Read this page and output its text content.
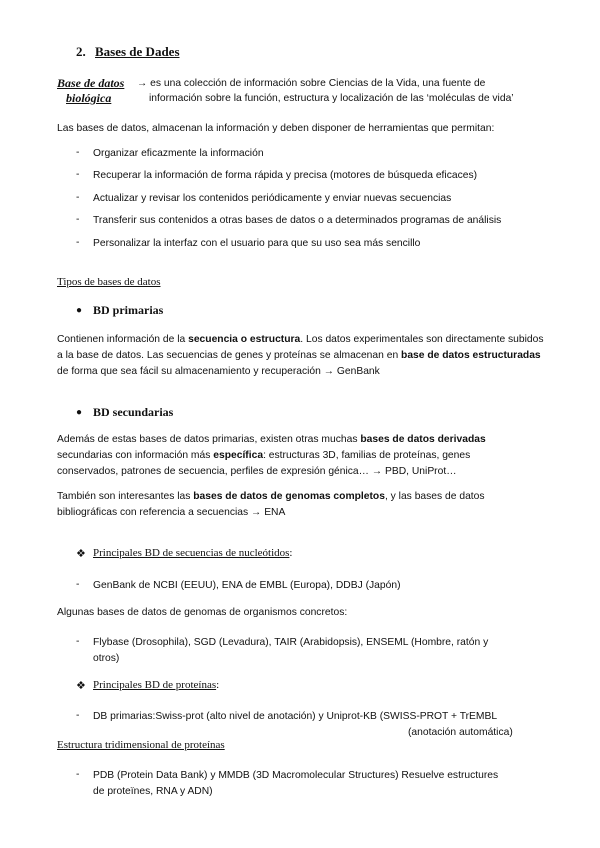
2. Bases de Dades
Base de datos → es una colección de información sobre Ciencias de la Vida, una fuente de
biológica	información sobre la función, estructura y localización de las ‘moléculas de vida’
Las bases de datos, almacenan la información y deben disponer de herramientas que permitan:
- Organizar eficazmente la información
- Recuperar la información de forma rápida y precisa (motores de búsqueda eficaces)
- Actualizar y revisar los contenidos periódicamente y enviar nuevas secuencias
- Transferir sus contenidos a otras bases de datos o a determinados programas de análisis
- Personalizar la interfaz con el usuario para que su uso sea más sencillo
Tipos de bases de datos
● BD primarias
Contienen información de la secuencia o estructura. Los datos experimentales son directamente subidos a la base de datos. Las secuencias de genes y proteínas se almacenan en base de datos estructuradas de forma que sea fácil su almacenamiento y recuperación → GenBank
● BD secundarias
Además de estas bases de datos primarias, existen otras muchas bases de datos derivadas secundarias con información más específica: estructuras 3D, familias de proteínas, genes conservados, patrones de secuencia, perfiles de expresión génica… → PBD, UniProt…
También son interesantes las bases de datos de genomas completos, y las bases de datos bibliográficas con referencia a secuencias → ENA
❖ Principales BD de secuencias de nucleótidos:
- GenBank de NCBI (EEUU), ENA de EMBL (Europa), DDBJ (Japón)
Algunas bases de datos de genomas de organismos concretos:
- Flybase (Drosophila), SGD (Levadura), TAIR (Arabidopsis), ENSEML (Hombre, ratón y
otros)
❖ Principales BD de proteínas:
- DB primarias:Swiss-prot (alto nivel de anotación) y Uniprot-KB (SWISS-PROT + TrEMBL
(anotación automática)
Estructura tridimensional de proteínas
- PDB (Protein Data Bank) y MMDB (3D Macromolecular Structures) Resuelve estructures
de proteïnes, RNA y ADN)
